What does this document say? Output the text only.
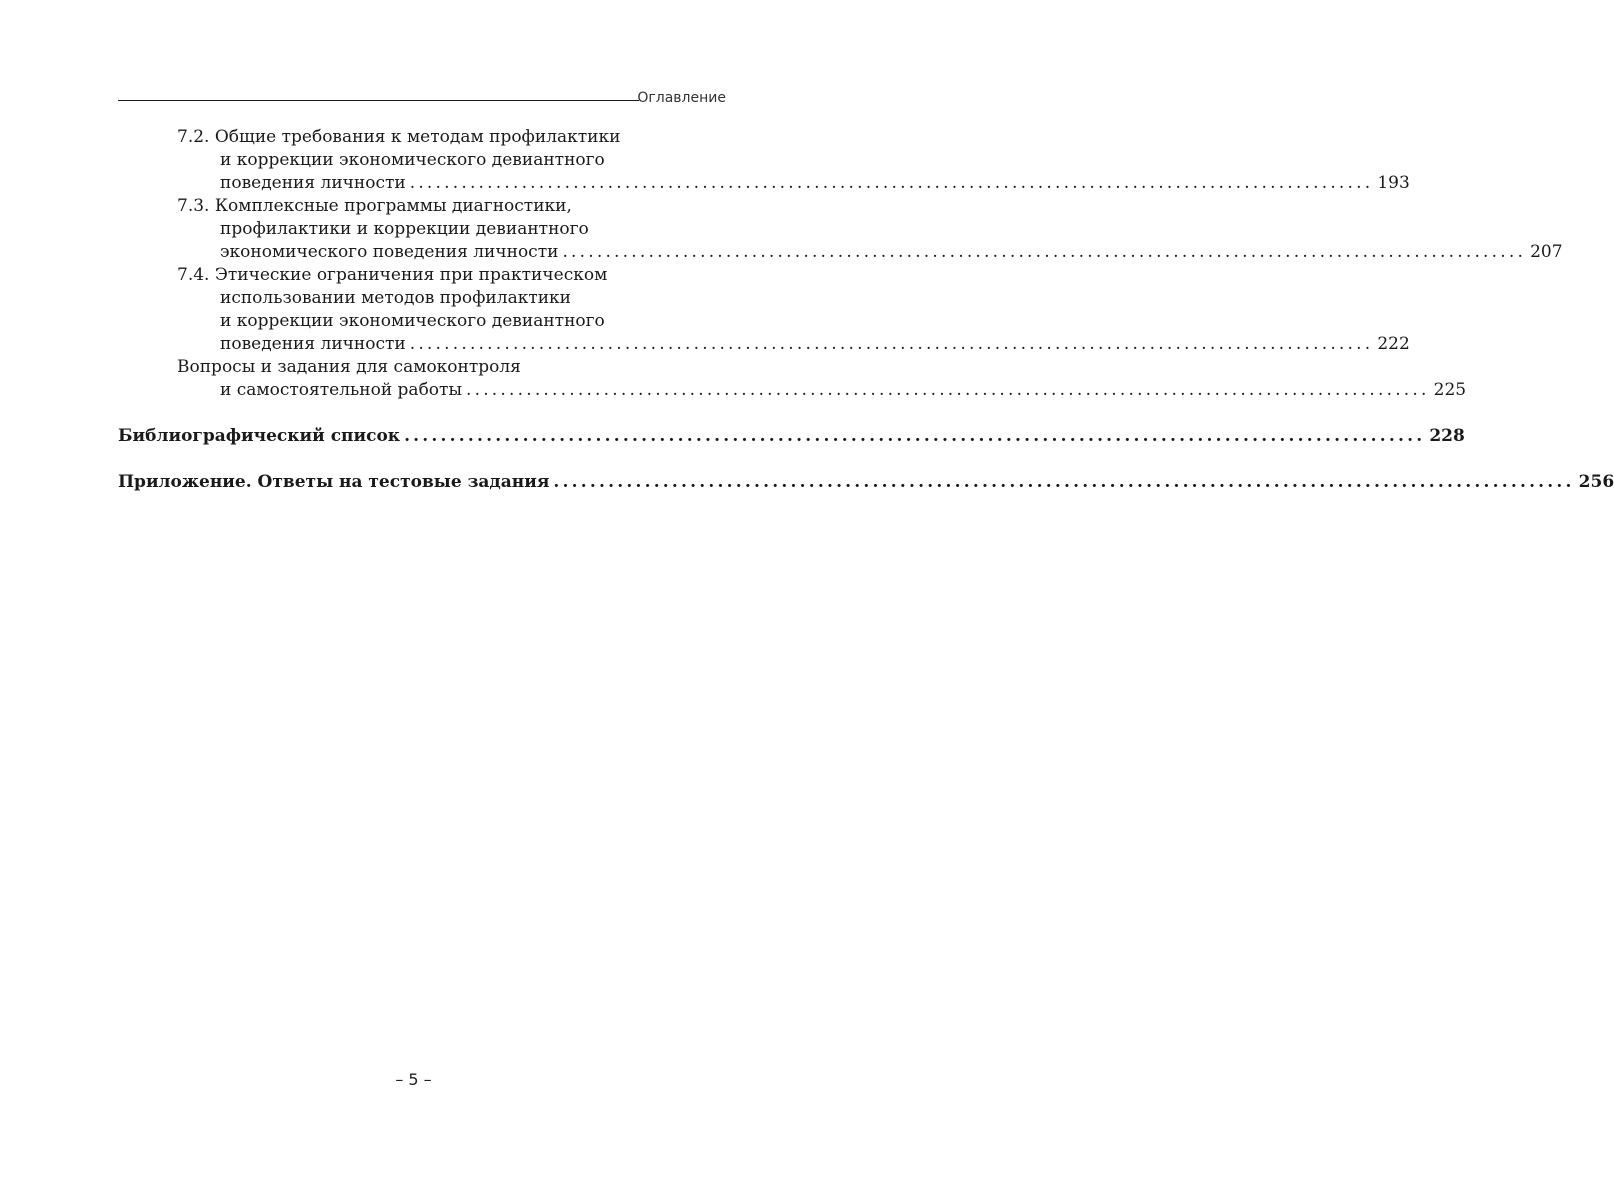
Оглавление
7.2. Общие требования к методам профилактики
и коррекции экономического девиантного
поведения личности ................................................................................................................ 193
7.3. Комплексные программы диагностики,
профилактики и коррекции девиантного
экономического поведения личности ................................................................................................................ 207
7.4. Этические ограничения при практическом
использовании методов профилактики
и коррекции экономического девиантного
поведения личности ................................................................................................................ 222
Вопросы и задания для самоконтроля
и самостоятельной работы ................................................................................................................ 225
Библиографический список ................................................................................................................ 228
Приложение. Ответы на тестовые задания ................................................................................................................ 256
– 5 –
